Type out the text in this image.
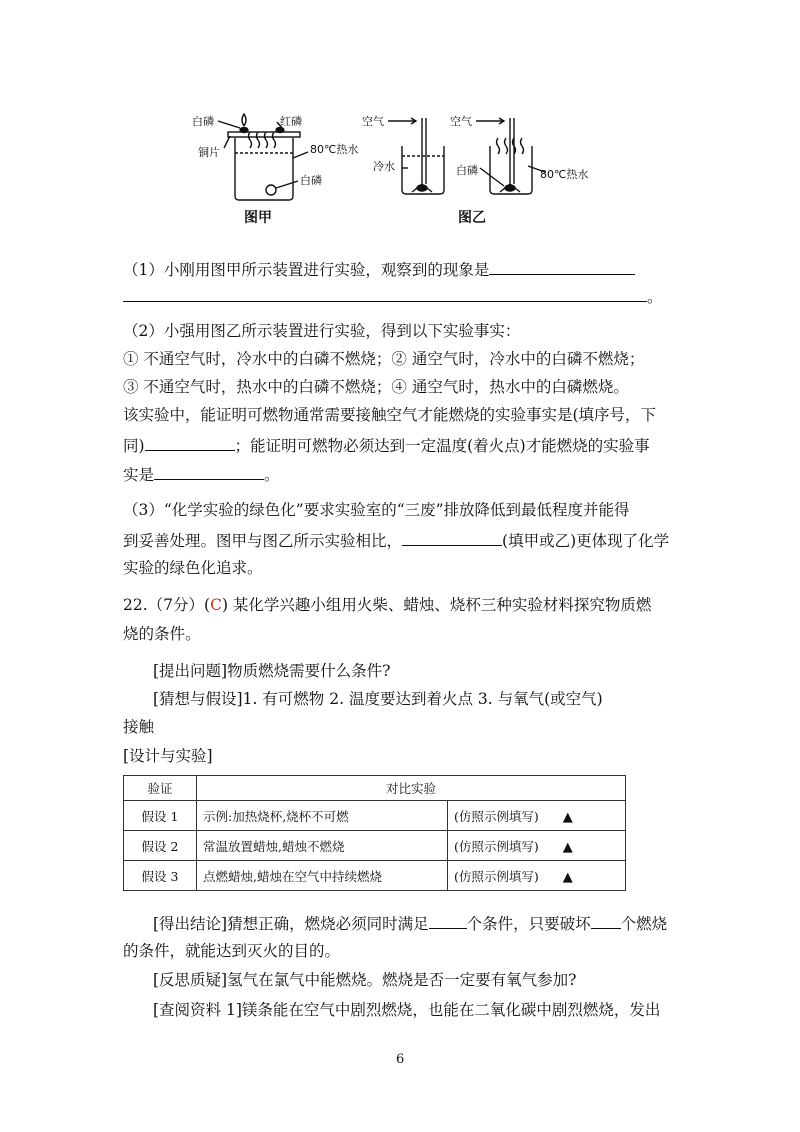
白磷	红磷
铜片	80℃热水
白磷
图甲
空气	空气
冷水	白磷	80℃热水
图乙
（1）小刚用图甲所示装置进行实验，观察到的现象是
。
（2）小强用图乙所示装置进行实验，得到以下实验事实：
① 不通空气时，冷水中的白磷不燃烧；② 通空气时，冷水中的白磷不燃烧；
③ 不通空气时，热水中的白磷不燃烧；④ 通空气时，热水中的白磷燃烧。
该实验中，能证明可燃物通常需要接触空气才能燃烧的实验事实是(填序号，下
同)	；能证明可燃物必须达到一定温度(着火点)才能燃烧的实验事
实是	。
（3）“化学实验的绿色化”要求实验室的“三废”排放降低到最低程度并能得
到妥善处理。图甲与图乙所示实验相比，	(填甲或乙)更体现了化学
实验的绿色化追求。
22.（7分）(C) 某化学兴趣小组用火柴、蜡烛、烧杯三种实验材料探究物质燃
烧的条件。
[提出问题]物质燃烧需要什么条件?
[猜想与假设]1. 有可燃物 2. 温度要达到着火点 3. 与氧气(或空气)
接触
[设计与实验]
验证	对比实验	
假设 1	示例:加热烧杯,烧杯不可燃	(仿照示例填写) ▲
假设 2	常温放置蜡烛,蜡烛不燃烧	(仿照示例填写) ▲
假设 3	点燃蜡烛,蜡烛在空气中持续燃烧	(仿照示例填写) ▲
[得出结论]猜想正确，燃烧必须同时满足 个条件，只要破坏 个燃烧
的条件，就能达到灭火的目的。
[反思质疑]氢气在氯气中能燃烧。燃烧是否一定要有氧气参加?
[查阅资料 1]镁条能在空气中剧烈燃烧，也能在二氧化碳中剧烈燃烧，发出
6
